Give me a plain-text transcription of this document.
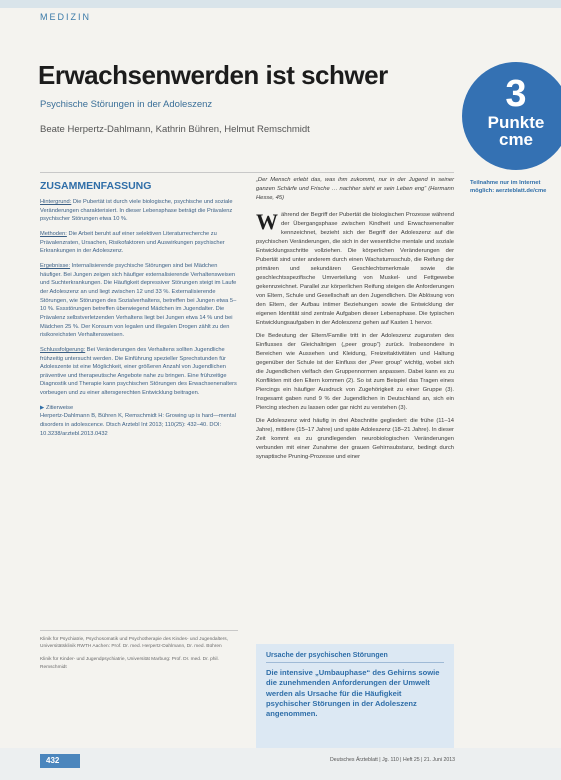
MEDIZIN
Erwachsenwerden ist schwer
Psychische Störungen in der Adoleszenz
Beate Herpertz-Dahlmann, Kathrin Bühren, Helmut Remschmidt
3
Punkte
cme
Teilnahme nur im Internet möglich: aerzteblatt.de/cme
ZUSAMMENFASSUNG

Hintergrund: Die Pubertät ist durch viele biologische, psychische und soziale Veränderungen charakterisiert. In dieser Lebensphase beträgt die Prävalenz psychischer Störungen etwa 10 %.

Methoden: Die Arbeit beruht auf einer selektiven Literaturrecherche zu Prävalenzraten, Ursachen, Risikofaktoren und Auswirkungen psychischer Erkrankungen in der Adoleszenz.

Ergebnisse: Internalisierende psychische Störungen sind bei Mädchen häufiger. Bei Jungen zeigen sich häufiger externalisierende Verhaltensweisen und Suchterkrankungen. Die Häufigkeit depressiver Störungen steigt im Laufe der Adoleszenz an und liegt zwischen 12 und 33 %. Externalisierende Störungen, wie Störungen des Sozialverhaltens, betreffen bei Jungen etwa 5–10 %. Essstörungen betreffen überwiegend Mädchen im Jugendalter. Die Prävalenz selbstverletzenden Verhaltens liegt bei Jungen etwa 14 % und bei Mädchen 25 %. Der Konsum von legalen und illegalen Drogen zählt zu den risikoreichsten Verhaltensweisen.

Schlussfolgerung: Bei Veränderungen des Verhaltens sollten Jugendliche frühzeitig untersucht werden. Die Einführung spezieller Sprechstunden für Adoleszente ist eine Möglichkeit, einer größeren Anzahl von Jugendlichen präventive und therapeutische Angebote nahe zu bringen. Eine frühzeitige Diagnostik und Therapie kann psychischen Störungen des Erwachsenenalters vorbeugen und zu einer altersgerechten Entwicklung beitragen.

▶ Zitierweise
Herpertz-Dahlmann B, Bühren K, Remschmidt H: Growing up is hard—mental disorders in adolescence. Dtsch Arztebl Int 2013; 110(25): 432–40. DOI: 10.3238/arztebl.2013.0432

Klinik für Psychiatrie, Psychosomatik und Psychotherapie des Kindes- und Jugendalters, Universitätsklinik RWTH Aachen: Prof. Dr. med. Herpertz-Dahlmann, Dr. med. Bühren

Klinik für Kinder- und Jugendpsychiatrie, Universität Marburg: Prof. Dr. med. Dr. phil. Remschmidt

„Der Mensch erlebt das, was ihm zukommt, nur in der Jugend in seiner ganzen Schärfe und Frische … nachher sieht er sein Leben eng“ (Hermann Hesse, 45)
W ährend der Begriff der Pubertät die biologischen Prozesse während der Übergangsphase zwischen Kindheit und Erwachsenenalter kennzeichnet, bezieht sich der Begriff der Adoleszenz auf die psychischen Veränderungen, die sich in der wesentliche mentale und soziale Entwicklungsschritte vollziehen. Die körperlichen Veränderungen der Pubertät sind unter anderem durch einen Wachstumsschub, die Reifung der primären und sekundären Geschlechtsmerkmale sowie die geschlechtsspezifische Umverteilung von Muskel- und Fettgewebe gekennzeichnet. Parallel zur körperlichen Reifung steigen die Anforderungen von Eltern, Schule und Gesellschaft an den Jugendlichen. Die Ablösung von den Eltern, der Aufbau intimer Beziehungen sowie die Entwicklung der eigenen Identität sind zentrale Aufgaben dieser Lebensphase. Die typischen Entwicklungsaufgaben in der Adoleszenz gehen auf Kasten 1 hervor.

Die Bedeutung der Eltern/Familie tritt in der Adoleszenz zugunsten des Einflusses der Gleichaltrigen („peer group“) zurück. Insbesondere in Bereichen wie Aussehen und Kleidung, Freizeitaktivitäten und Haltung gegenüber der Schule ist der Einfluss der „Peer group“ wichtig, wobei sich die Jugendlichen vielfach den Gruppennormen anpassen. Dabei kann es zu Konflikten mit den Eltern kommen (2). So ist zum Beispiel das Tragen eines Piercings ein häufiger Ausdruck von Zugehörigkeit zu einer Gruppe (3). Insgesamt gaben rund 9 % der Jugendlichen in Deutschland an, sich ein Piercing stechen zu lassen oder gar nicht zu verstehen (3).

Die Adoleszenz wird häufig in drei Abschnitte gegliedert: die frühe (11–14 Jahre), mittlere (15–17 Jahre) und späte Adoleszenz (18–21 Jahre). In dieser Zeit kommt es zu grundlegenden neurobiologischen Veränderungen verbunden mit einer Zunahme der grauen Gehirnsubstanz, bedingt durch synaptische Pruning-Prozesse und einer

Ursache der psychischen Störungen
Die intensive „Umbauphase“ des Gehirns sowie die zunehmenden Anforderungen der Umwelt werden als Ursache für die Häufigkeit psychischer Störungen in der Adoleszenz angenommen.
432	Deutsches Ärzteblatt | Jg. 110 | Heft 25 | 21. Juni 2013
